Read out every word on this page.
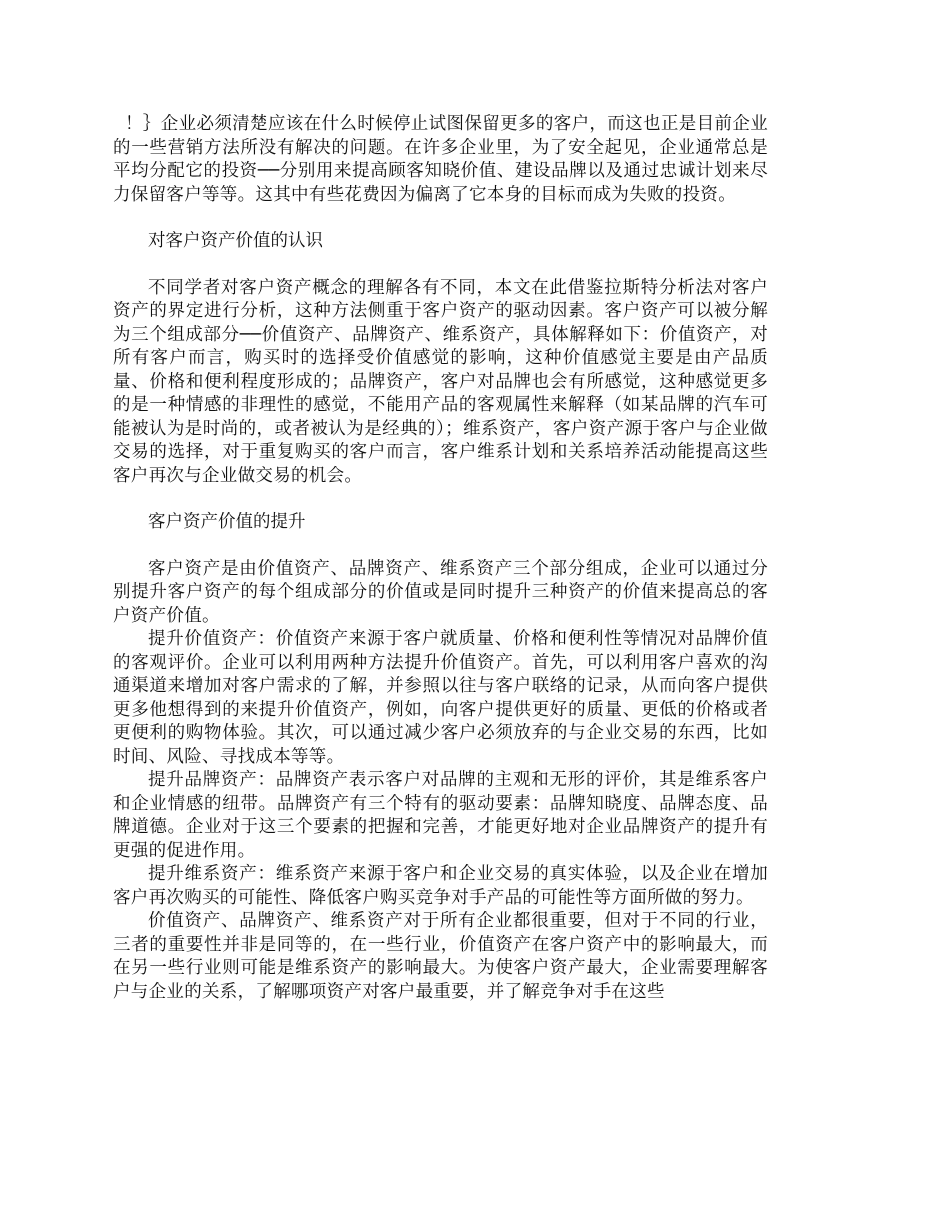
！｝企业必须清楚应该在什么时候停止试图保留更多的客户，而这也正是目前企业的一些营销方法所没有解决的问题。在许多企业里，为了安全起见，企业通常总是平均分配它的投资──分别用来提高顾客知晓价值、建设品牌以及通过忠诚计划来尽力保留客户等等。这其中有些花费因为偏离了它本身的目标而成为失败的投资。

对客户资产价值的认识

不同学者对客户资产概念的理解各有不同，本文在此借鉴拉斯特分析法对客户资产的界定进行分析，这种方法侧重于客户资产的驱动因素。客户资产可以被分解为三个组成部分──价值资产、品牌资产、维系资产，具体解释如下：价值资产，对所有客户而言，购买时的选择受价值感觉的影响，这种价值感觉主要是由产品质量、价格和便利程度形成的；品牌资产，客户对品牌也会有所感觉，这种感觉更多的是一种情感的非理性的感觉，不能用产品的客观属性来解释（如某品牌的汽车可能被认为是时尚的，或者被认为是经典的）；维系资产，客户资产源于客户与企业做交易的选择，对于重复购买的客户而言，客户维系计划和关系培养活动能提高这些客户再次与企业做交易的机会。

客户资产价值的提升

客户资产是由价值资产、品牌资产、维系资产三个部分组成，企业可以通过分别提升客户资产的每个组成部分的价值或是同时提升三种资产的价值来提高总的客户资产价值。

提升价值资产：价值资产来源于客户就质量、价格和便利性等情况对品牌价值的客观评价。企业可以利用两种方法提升价值资产。首先，可以利用客户喜欢的沟通渠道来增加对客户需求的了解，并参照以往与客户联络的记录，从而向客户提供更多他想得到的来提升价值资产，例如，向客户提供更好的质量、更低的价格或者更便利的购物体验。其次，可以通过减少客户必须放弃的与企业交易的东西，比如时间、风险、寻找成本等等。

提升品牌资产：品牌资产表示客户对品牌的主观和无形的评价，其是维系客户和企业情感的纽带。品牌资产有三个特有的驱动要素：品牌知晓度、品牌态度、品牌道德。企业对于这三个要素的把握和完善，才能更好地对企业品牌资产的提升有更强的促进作用。

提升维系资产：维系资产来源于客户和企业交易的真实体验，以及企业在增加客户再次购买的可能性、降低客户购买竞争对手产品的可能性等方面所做的努力。

价值资产、品牌资产、维系资产对于所有企业都很重要，但对于不同的行业，三者的重要性并非是同等的，在一些行业，价值资产在客户资产中的影响最大，而在另一些行业则可能是维系资产的影响最大。为使客户资产最大，企业需要理解客户与企业的关系，了解哪项资产对客户最重要，并了解竞争对手在这些
